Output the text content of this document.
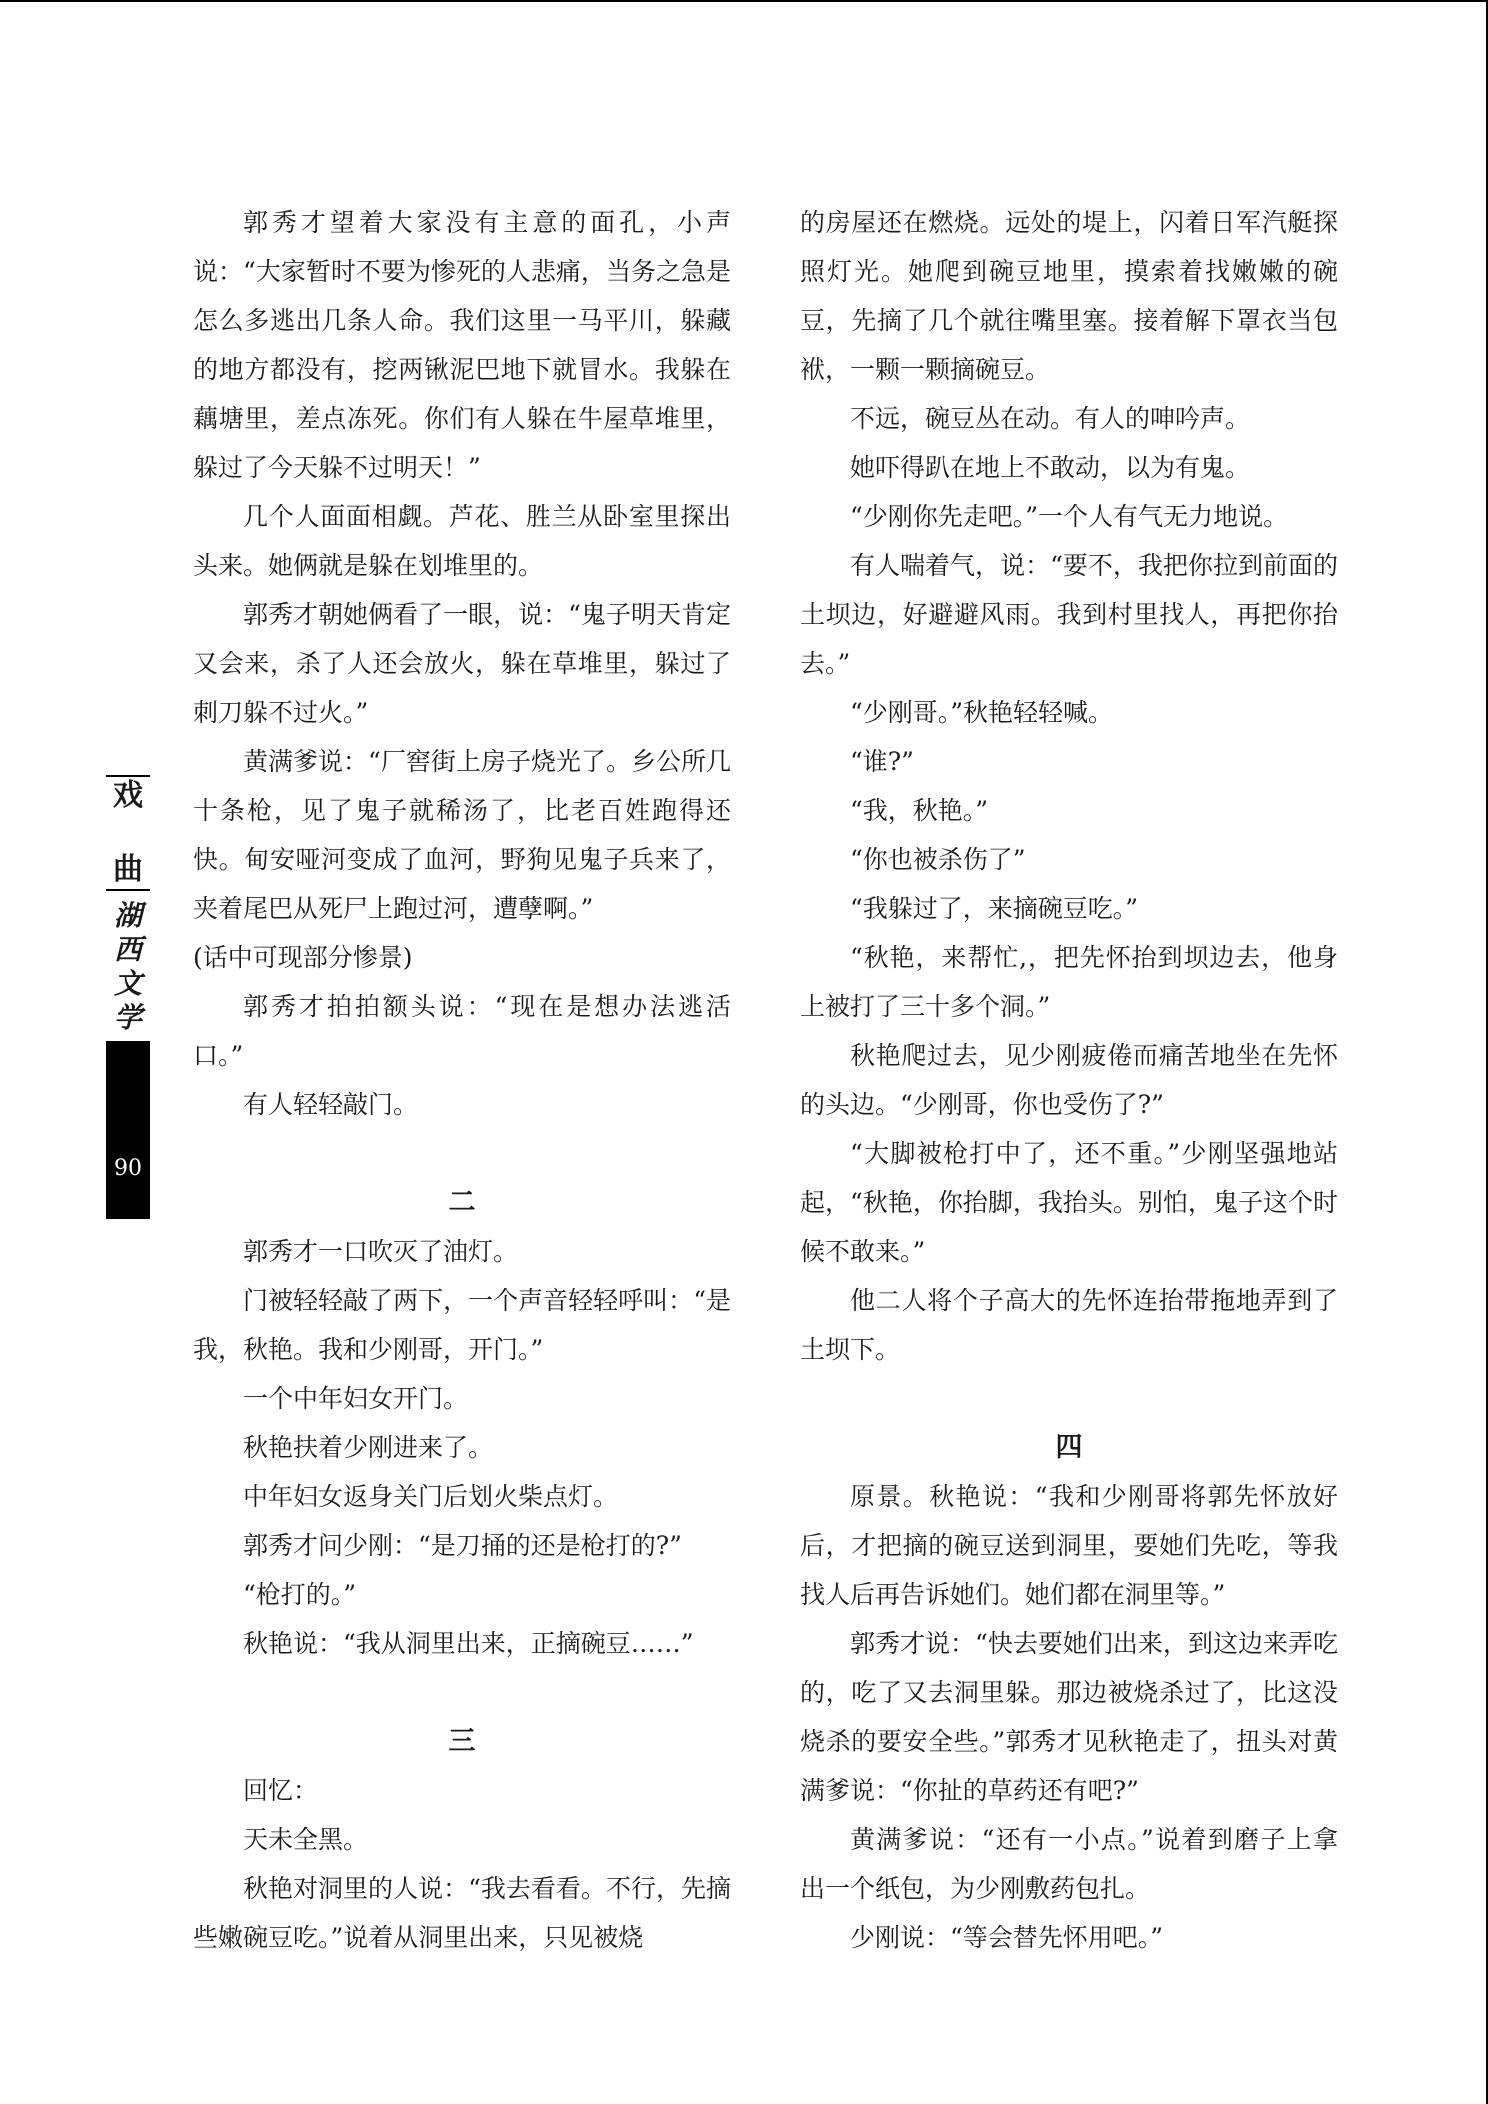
戏
曲
湖
西
文
学
90

郭秀才望着大家没有主意的面孔，小声说：“大家暂时不要为惨死的人悲痛，当务之急是怎么多逃出几条人命。我们这里一马平川，躲藏的地方都没有，挖两锹泥巴地下就冒水。我躲在藕塘里，差点冻死。你们有人躲在牛屋草堆里，躲过了今天躲不过明天！”

几个人面面相觑。芦花、胜兰从卧室里探出头来。她俩就是躲在划堆里的。

郭秀才朝她俩看了一眼，说：“鬼子明天肯定又会来，杀了人还会放火，躲在草堆里，躲过了刺刀躲不过火。”

黄满爹说：“厂窖街上房子烧光了。乡公所几十条枪，见了鬼子就稀汤了，比老百姓跑得还快。甸安哑河变成了血河，野狗见鬼子兵来了，夹着尾巴从死尸上跑过河，遭孽啊。”

(话中可现部分惨景)

郭秀才拍拍额头说：“现在是想办法逃活口。”

有人轻轻敲门。

二

郭秀才一口吹灭了油灯。

门被轻轻敲了两下，一个声音轻轻呼叫：“是我，秋艳。我和少刚哥，开门。”

一个中年妇女开门。

秋艳扶着少刚进来了。

中年妇女返身关门后划火柴点灯。

郭秀才问少刚：“是刀捅的还是枪打的?”

“枪打的。”

秋艳说：“我从洞里出来，正摘碗豆……”

三

回忆：

天未全黑。

秋艳对洞里的人说：“我去看看。不行，先摘些嫩碗豆吃。”说着从洞里出来，只见被烧

的房屋还在燃烧。远处的堤上，闪着日军汽艇探照灯光。她爬到碗豆地里，摸索着找嫩嫩的碗豆，先摘了几个就往嘴里塞。接着解下罩衣当包袱，一颗一颗摘碗豆。

不远，碗豆丛在动。有人的呻吟声。

她吓得趴在地上不敢动，以为有鬼。

“少刚你先走吧。”一个人有气无力地说。

有人喘着气，说：“要不，我把你拉到前面的土坝边，好避避风雨。我到村里找人，再把你抬去。”

“少刚哥。”秋艳轻轻喊。

“谁?”

“我，秋艳。”

“你也被杀伤了”

“我躲过了，来摘碗豆吃。”

“秋艳，来帮忙,，把先怀抬到坝边去，他身上被打了三十多个洞。”

秋艳爬过去，见少刚疲倦而痛苦地坐在先怀的头边。“少刚哥，你也受伤了?”

“大脚被枪打中了，还不重。”少刚坚强地站起，“秋艳，你抬脚，我抬头。别怕，鬼子这个时候不敢来。”

他二人将个子高大的先怀连抬带拖地弄到了土坝下。

四

原景。秋艳说：“我和少刚哥将郭先怀放好后，才把摘的碗豆送到洞里，要她们先吃，等我找人后再告诉她们。她们都在洞里等。”

郭秀才说：“快去要她们出来，到这边来弄吃的，吃了又去洞里躲。那边被烧杀过了，比这没烧杀的要安全些。”郭秀才见秋艳走了，扭头对黄满爹说：“你扯的草药还有吧?”

黄满爹说：“还有一小点。”说着到磨子上拿出一个纸包，为少刚敷药包扎。

少刚说：“等会替先怀用吧。”
